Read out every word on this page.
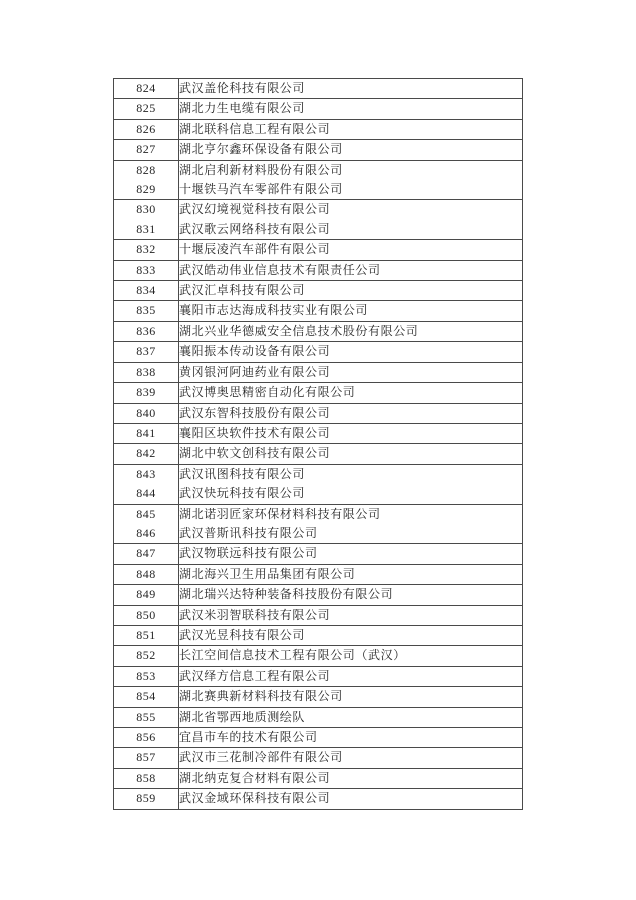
824	武汉盖伦科技有限公司
825	湖北力生电缆有限公司
826	湖北联科信息工程有限公司
827	湖北亨尔鑫环保设备有限公司
828	湖北启利新材料股份有限公司
829	十堰铁马汽车零部件有限公司
830	武汉幻境视觉科技有限公司
831	武汉歌云网络科技有限公司
832	十堰辰凌汽车部件有限公司
833	武汉皓动伟业信息技术有限责任公司
834	武汉汇卓科技有限公司
835	襄阳市志达海成科技实业有限公司
836	湖北兴业华德威安全信息技术股份有限公司
837	襄阳振本传动设备有限公司
838	黄冈银河阿迪药业有限公司
839	武汉博奥思精密自动化有限公司
840	武汉东智科技股份有限公司
841	襄阳区块软件技术有限公司
842	湖北中软文创科技有限公司
843	武汉讯图科技有限公司
844	武汉快玩科技有限公司
845	湖北诺羽匠家环保材料科技有限公司
846	武汉普斯讯科技有限公司
847	武汉物联远科技有限公司
848	湖北海兴卫生用品集团有限公司
849	湖北瑞兴达特种装备科技股份有限公司
850	武汉米羽智联科技有限公司
851	武汉光昱科技有限公司
852	长江空间信息技术工程有限公司（武汉）
853	武汉绎方信息工程有限公司
854	湖北赛典新材料科技有限公司
855	湖北省鄂西地质测绘队
856	宜昌市车的技术有限公司
857	武汉市三花制冷部件有限公司
858	湖北纳克复合材料有限公司
859	武汉金域环保科技有限公司
